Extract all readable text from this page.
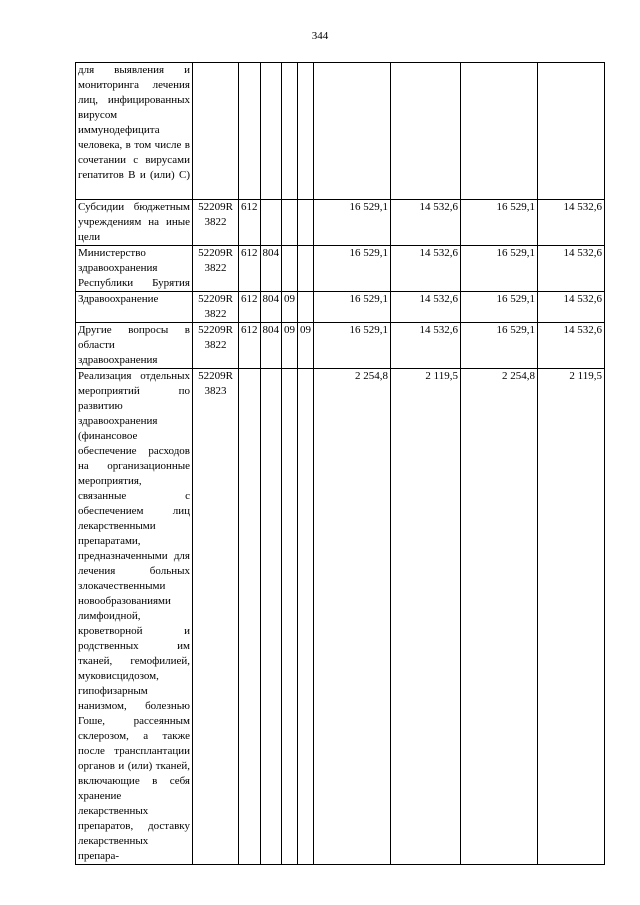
344
для выявления и мониторинга лечения лиц, инфицированных вирусом иммунодефицита человека, в том числе в сочетании с вирусами гепатитов В и (или) С)									
Субсидии бюджетным учреждениям на иные цели	52209R 3822	612				16 529,1	14 532,6	16 529,1	14 532,6
Министерство здравоохранения Республики Бурятия	52209R 3822	612	804			16 529,1	14 532,6	16 529,1	14 532,6
Здравоохранение	52209R 3822	612	804	09		16 529,1	14 532,6	16 529,1	14 532,6
Другие вопросы в области здравоохранения	52209R 3822	612	804	09	09	16 529,1	14 532,6	16 529,1	14 532,6
Реализация отдельных мероприятий по развитию здравоохранения (финансовое обеспечение расходов на организационные мероприятия, связанные с обеспечением лиц лекарственными препаратами, предназначенными для лечения больных злокачественными новообразованиями лимфоидной, кроветворной и родственных им тканей, гемофилией, муковисцидозом, гипофизарным нанизмом, болезнью Гоше, рассеянным склерозом, а также после трансплантации органов и (или) тканей, включающие в себя хранение лекарственных препаратов, доставку лекарственных препара-	52209R 3823					2 254,8	2 119,5	2 254,8	2 119,5
